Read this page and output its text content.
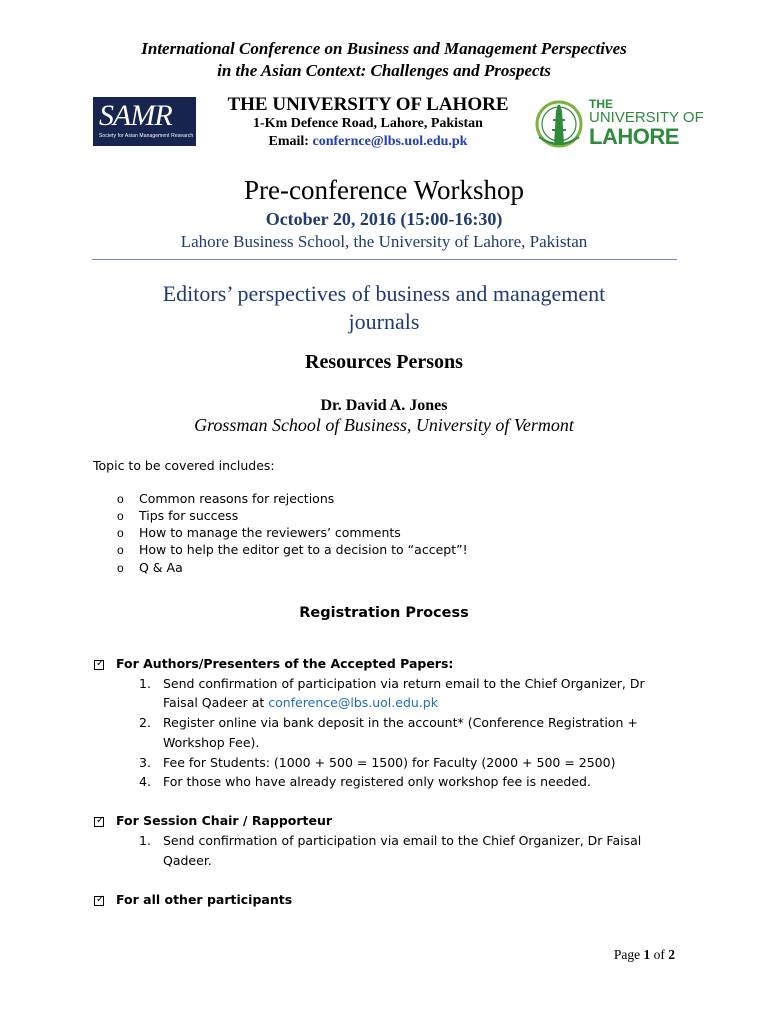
International Conference on Business and Management Perspectives
in the Asian Context: Challenges and Prospects
SAMR
Society for Asian Management Research
THE UNIVERSITY OF LAHORE
1-Km Defence Road, Lahore, Pakistan
Email: confernce@lbs.uol.edu.pk
THE
UNIVERSITY OF
LAHORE
Pre-conference Workshop
October 20, 2016 (15:00-16:30)
Lahore Business School, the University of Lahore, Pakistan
Editors’ perspectives of business and management
journals
Resources Persons
Dr. David A. Jones
Grossman School of Business, University of Vermont
Topic to be covered includes:
o Common reasons for rejections
o Tips for success
o How to manage the reviewers’ comments
o How to help the editor get to a decision to “accept”!
o Q & Aa
Registration Process
✓
For Authors/Presenters of the Accepted Papers:
1. Send confirmation of participation via return email to the Chief Organizer, Dr
Faisal Qadeer at conference@lbs.uol.edu.pk
2. Register online via bank deposit in the account* (Conference Registration +
Workshop Fee).
3. Fee for Students: (1000 + 500 = 1500) for Faculty (2000 + 500 = 2500)
4. For those who have already registered only workshop fee is needed.
✓
For Session Chair / Rapporteur
1. Send confirmation of participation via email to the Chief Organizer, Dr Faisal
Qadeer.
✓
For all other participants
Page 1 of 2
